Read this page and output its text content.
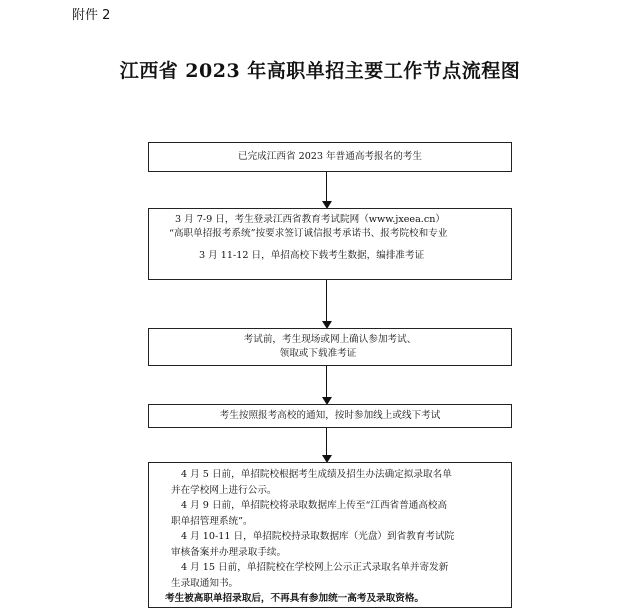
附件 2
江西省 2023 年高职单招主要工作节点流程图
已完成江西省 2023 年普通高考报名的考生
3 月 7-9 日，考生登录江西省教育考试院网（www.jxeea.cn）
“高职单招报考系统”按要求签订诚信报考承诺书、报考院校和专业
3 月 11-12 日，单招高校下载考生数据，编排准考证
考试前，考生现场或网上确认参加考试、
领取或下载准考证
考生按照报考高校的通知，按时参加线上或线下考试
4 月 5 日前，单招院校根据考生成绩及招生办法确定拟录取名单
并在学校网上进行公示。
4 月 9 日前，单招院校将录取数据库上传至“江西省普通高校高
职单招管理系统”。
4 月 10-11 日，单招院校持录取数据库（光盘）到省教育考试院
审核备案并办理录取手续。
4 月 15 日前，单招院校在学校网上公示正式录取名单并寄发新
生录取通知书。
考生被高职单招录取后，不再具有参加统一高考及录取资格。
